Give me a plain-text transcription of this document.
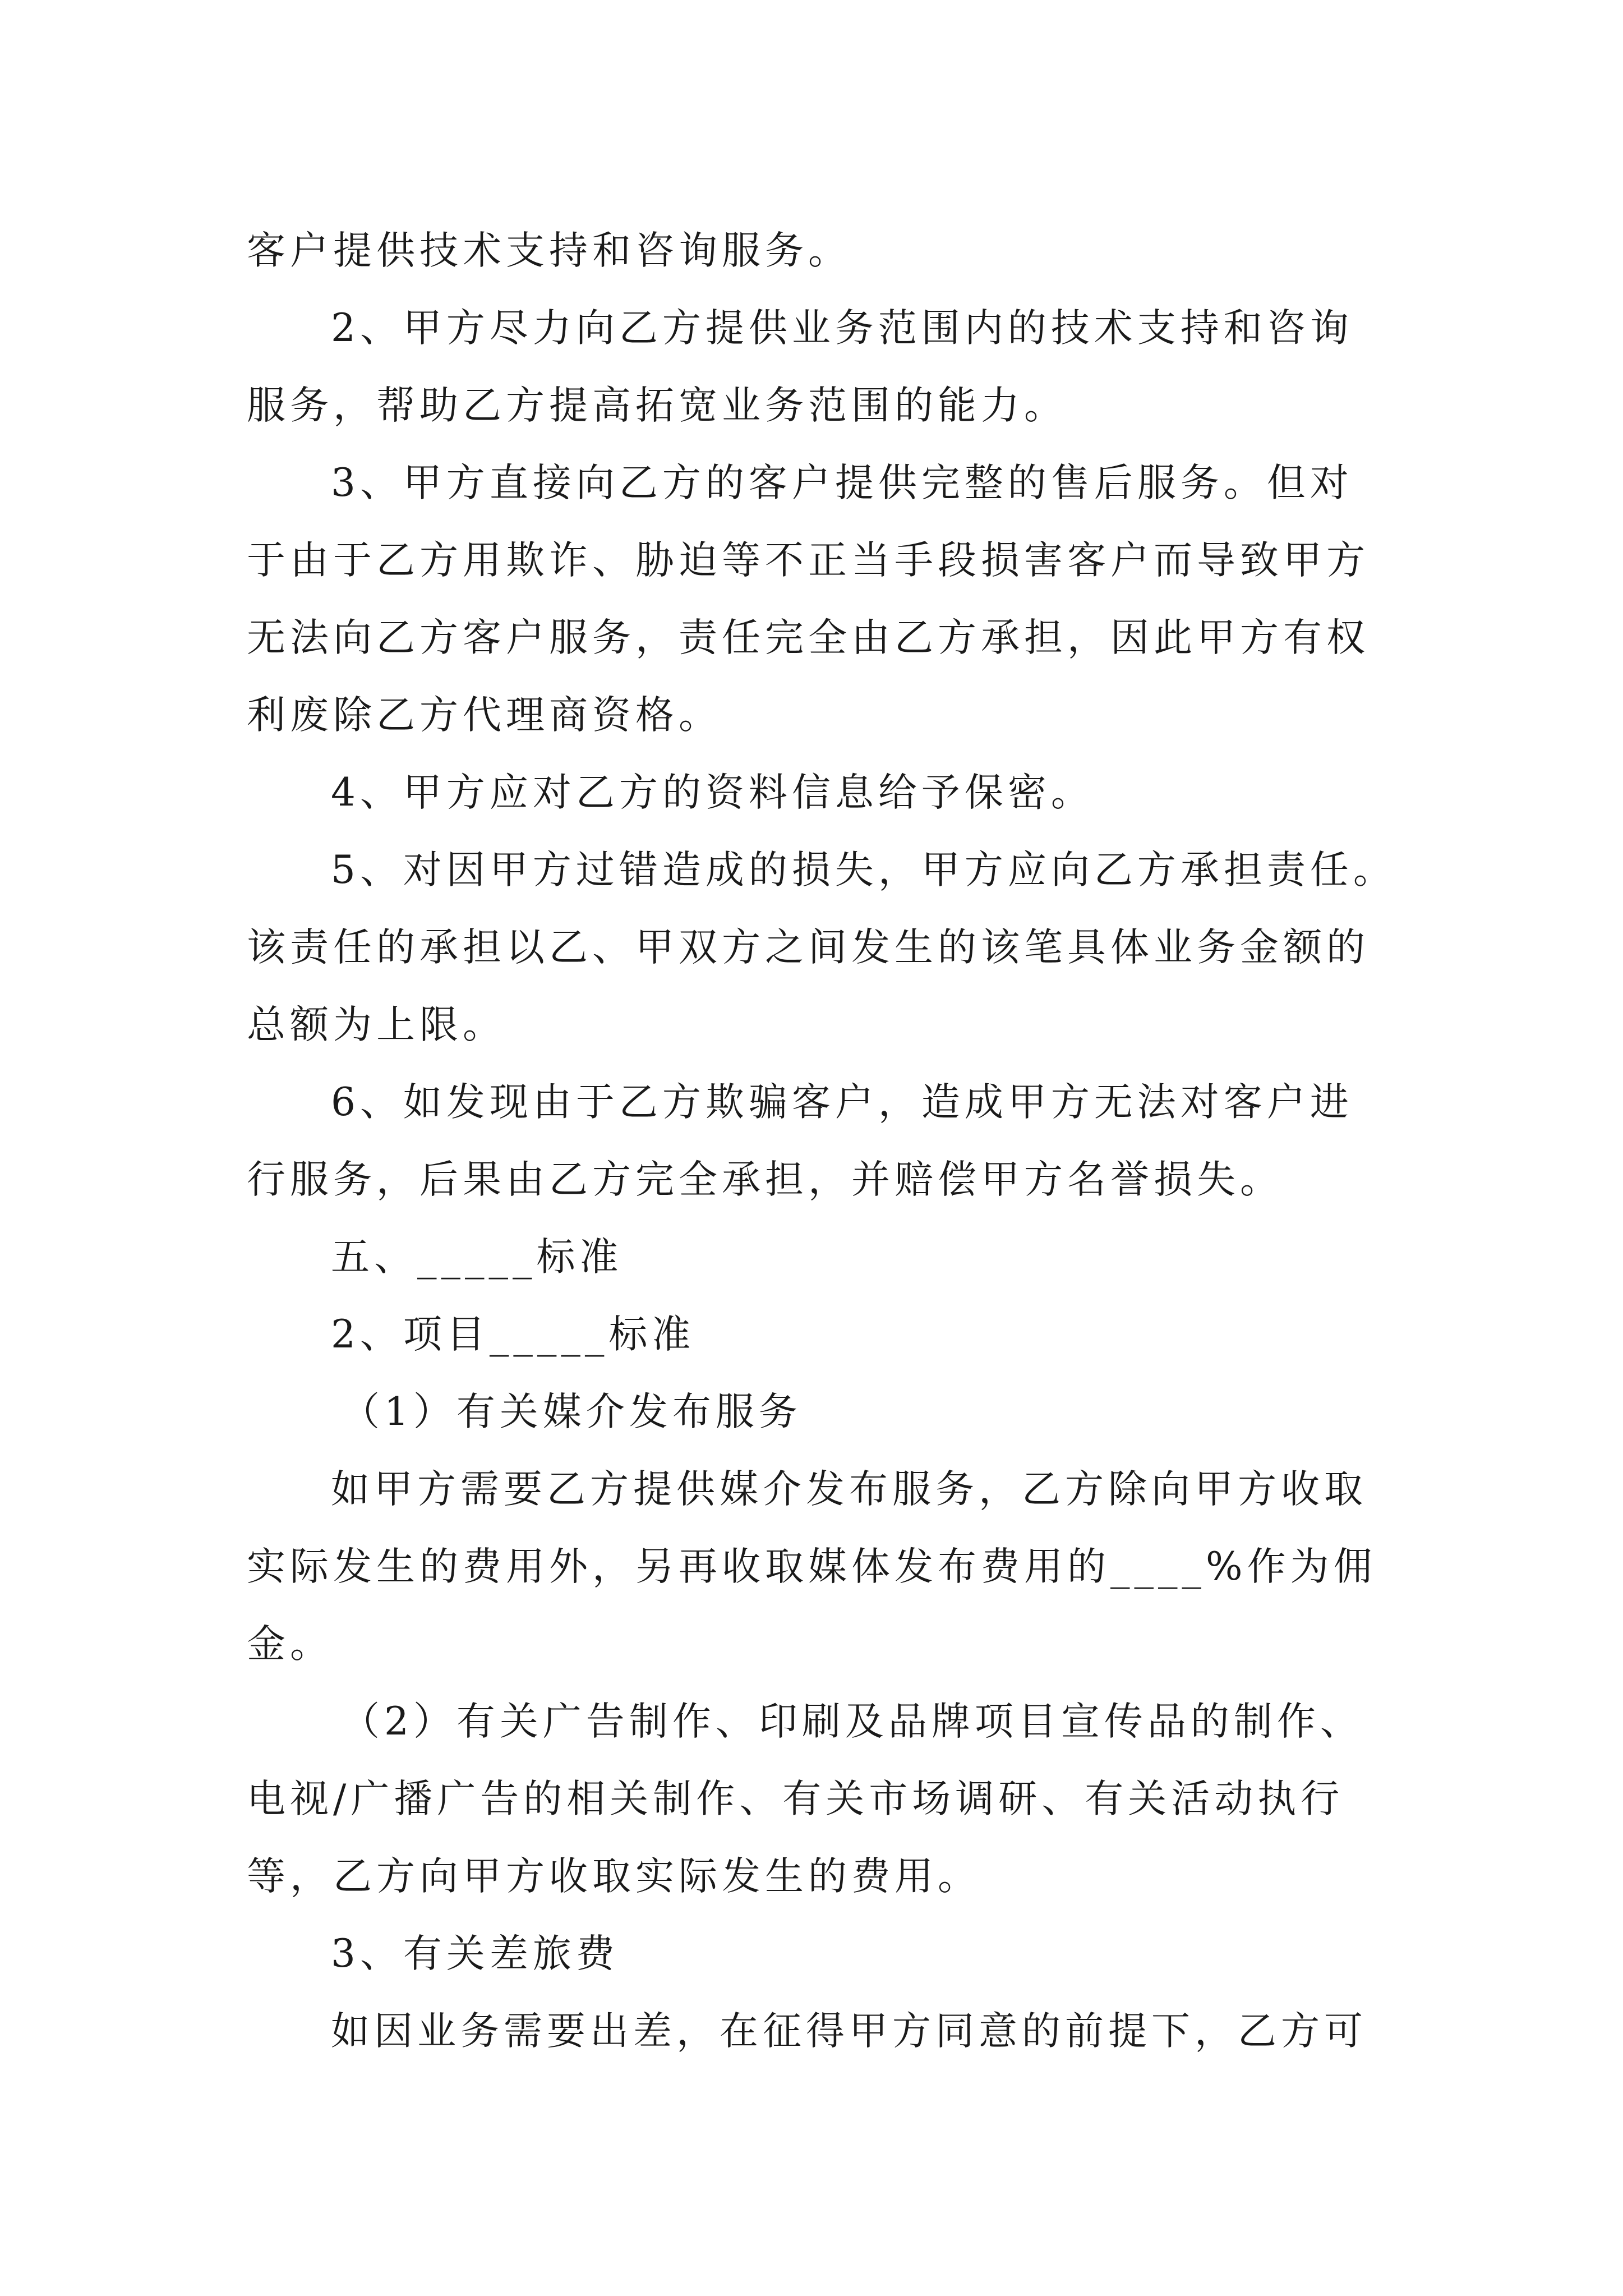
客户提供技术支持和咨询服务。
2、甲方尽力向乙方提供业务范围内的技术支持和咨询
服务，帮助乙方提高拓宽业务范围的能力。
3、甲方直接向乙方的客户提供完整的售后服务。但对
于由于乙方用欺诈、胁迫等不正当手段损害客户而导致甲方
无法向乙方客户服务，责任完全由乙方承担，因此甲方有权
利废除乙方代理商资格。
4、甲方应对乙方的资料信息给予保密。
5、对因甲方过错造成的损失，甲方应向乙方承担责任。
该责任的承担以乙、甲双方之间发生的该笔具体业务金额的
总额为上限。
6、如发现由于乙方欺骗客户，造成甲方无法对客户进
行服务，后果由乙方完全承担，并赔偿甲方名誉损失。
五、_____标准
2、项目_____标准
（1）有关媒介发布服务
如甲方需要乙方提供媒介发布服务，乙方除向甲方收取
实际发生的费用外，另再收取媒体发布费用的____%作为佣
金。
（2）有关广告制作、印刷及品牌项目宣传品的制作、
电视/广播广告的相关制作、有关市场调研、有关活动执行
等，乙方向甲方收取实际发生的费用。
3、有关差旅费
如因业务需要出差，在征得甲方同意的前提下，乙方可
